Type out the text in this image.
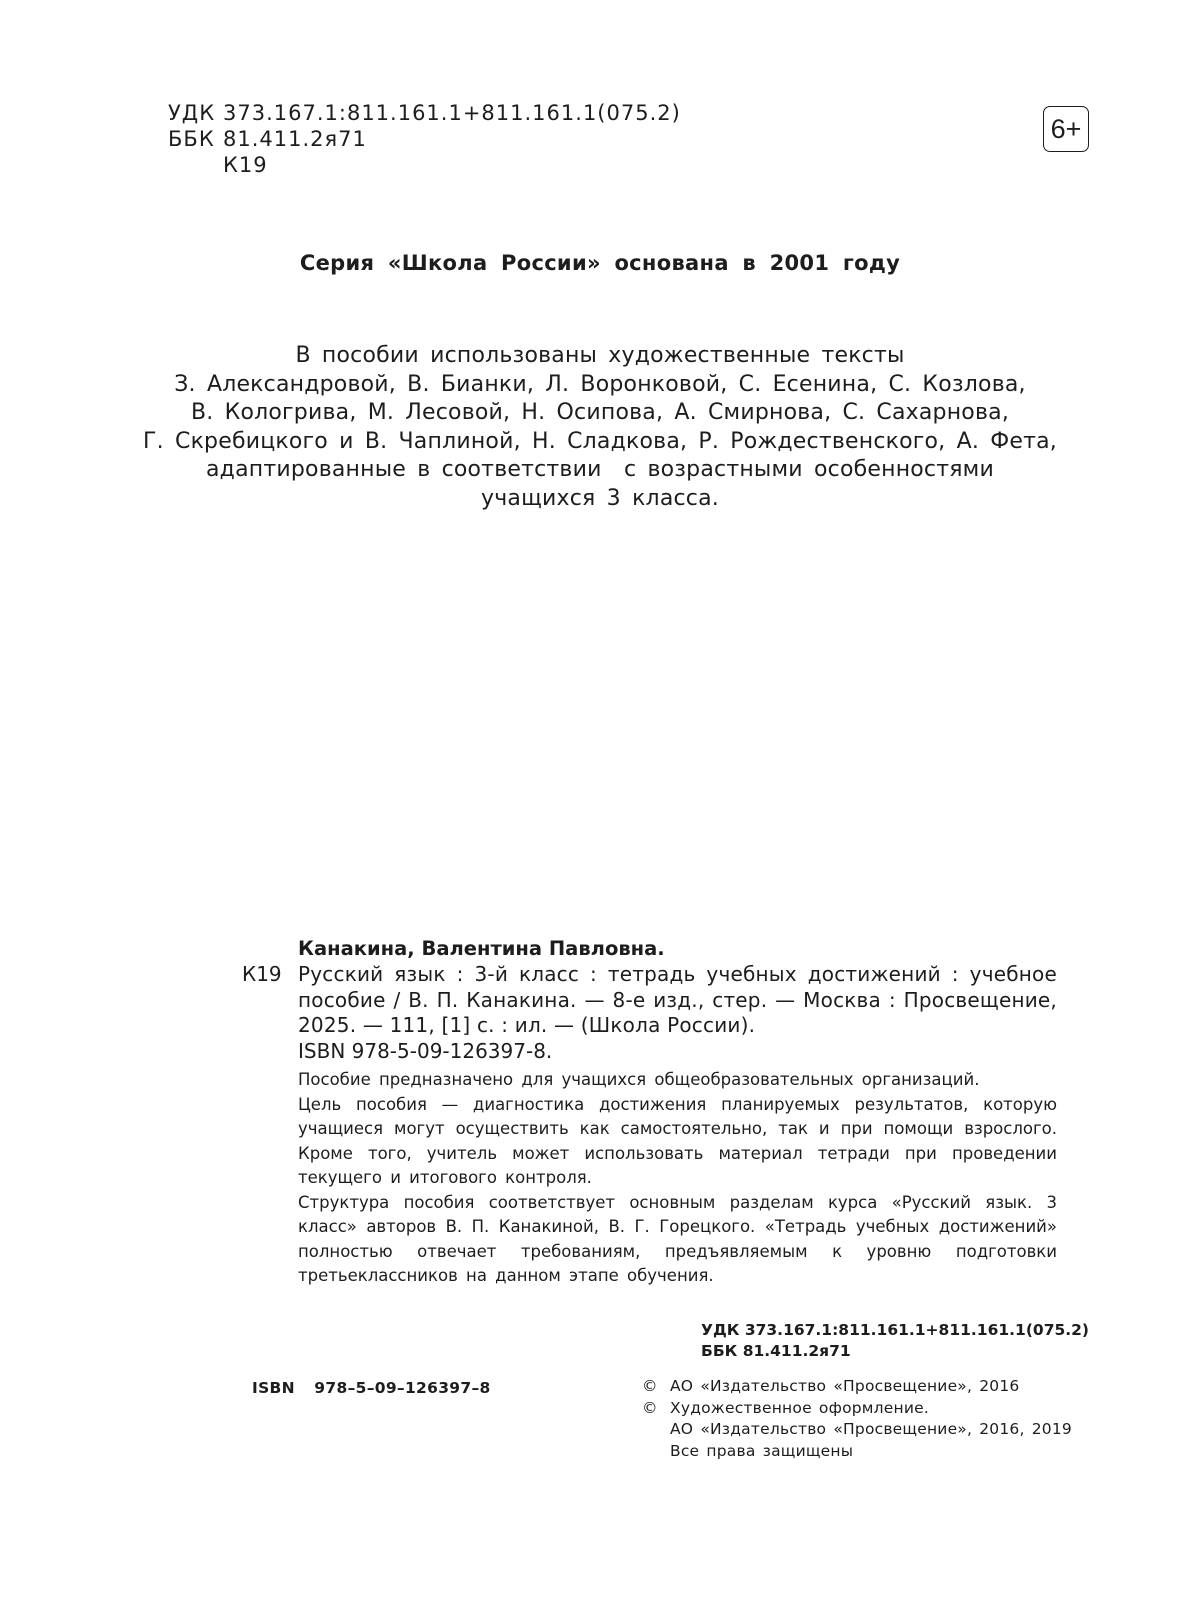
УДК 373.167.1:811.161.1+811.161.1(075.2)
ББК 81.411.2я71
К19
6+
Серия «Школа России» основана в 2001 году
В пособии использованы художественные тексты
З. Александровой, В. Бианки, Л. Воронковой, С. Есенина, С. Козлова,
В. Кологрива, М. Лесовой, Н. Осипова, А. Смирнова, С. Сахарнова,
Г. Скребицкого и В. Чаплиной, Н. Сладкова, Р. Рождественского, А. Фета,
адаптированные в соответствии  с возрастными особенностями
учащихся 3 класса.
Канакина, Валентина Павловна.
К19 Русский язык : 3-й класс : тетрадь учебных достижений : учебное пособие / В. П. Канакина. — 8-е изд., стер. — Москва : Просвещение, 2025. — 111, [1] с. : ил. — (Школа России).
ISBN 978-5-09-126397-8.

Пособие предназначено для учащихся общеобразовательных организаций.

Цель пособия — диагностика достижения планируемых результатов, которую учащиеся могут осуществить как самостоятельно, так и при помощи взрослого. Кроме того, учитель может использовать материал тетради при проведении текущего и итогового контроля.

Структура пособия соответствует основным разделам курса «Русский язык. 3 класс» авторов В. П. Канакиной, В. Г. Горецкого. «Тетрадь учебных достижений» полностью отвечает требованиям, предъявляемым к уровню подготовки третьеклассников на данном этапе обучения.

УДК 373.167.1:811.161.1+811.161.1(075.2)
ББК 81.411.2я71
ISBN  978–5–09–126397–8	© АО «Издательство «Просвещение», 2016
© Художественное оформление.
АО «Издательство «Просвещение», 2016, 2019
Все права защищены
